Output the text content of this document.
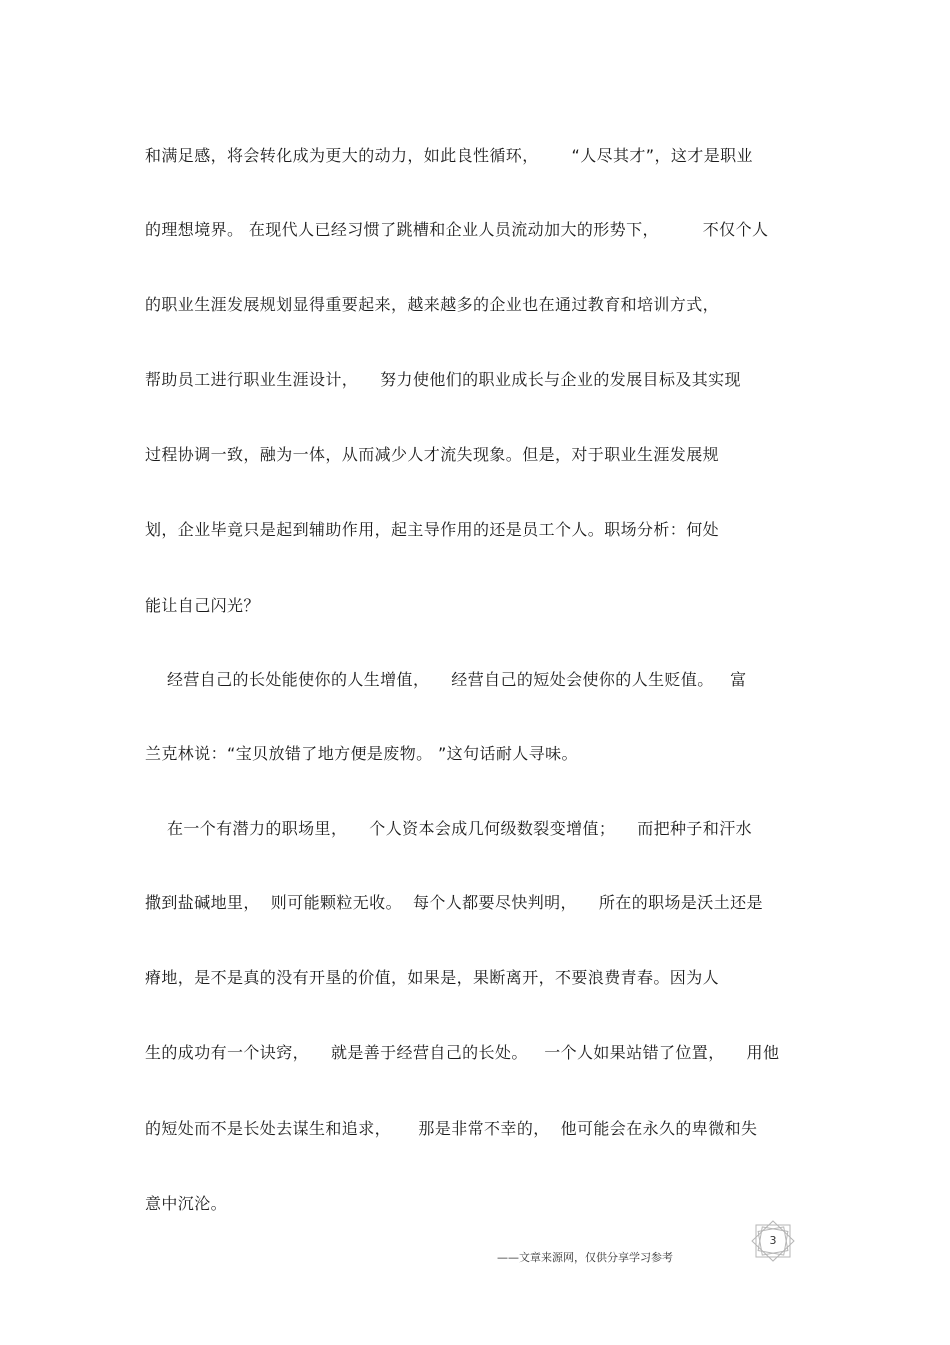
和满足感，将会转化成为更大的动力，如此良性循环，      “人尽其才”，这才是职业
的理想境界。 在现代人已经习惯了跳槽和企业人员流动加大的形势下，        不仅个人
的职业生涯发展规划显得重要起来，越来越多的企业也在通过教育和培训方式，
帮助员工进行职业生涯设计，    努力使他们的职业成长与企业的发展目标及其实现
过程协调一致，融为一体，从而减少人才流失现象。但是，对于职业生涯发展规
划，企业毕竟只是起到辅助作用，起主导作用的还是员工个人。职场分析：何处
能让自己闪光？
经营自己的长处能使你的人生增值，    经营自己的短处会使你的人生贬值。   富
兰克林说：“宝贝放错了地方便是废物。 ”这句话耐人寻味。
在一个有潜力的职场里，    个人资本会成几何级数裂变增值；    而把种子和汗水
撒到盐碱地里，  则可能颗粒无收。  每个人都要尽快判明，    所在的职场是沃土还是
瘠地，是不是真的没有开垦的价值，如果是，果断离开，不要浪费青春。因为人
生的成功有一个诀窍，    就是善于经营自己的长处。   一个人如果站错了位置，    用他
的短处而不是长处去谋生和追求，     那是非常不幸的，  他可能会在永久的卑微和失
意中沉沦。
——文章来源网，仅供分享学习参考
3
